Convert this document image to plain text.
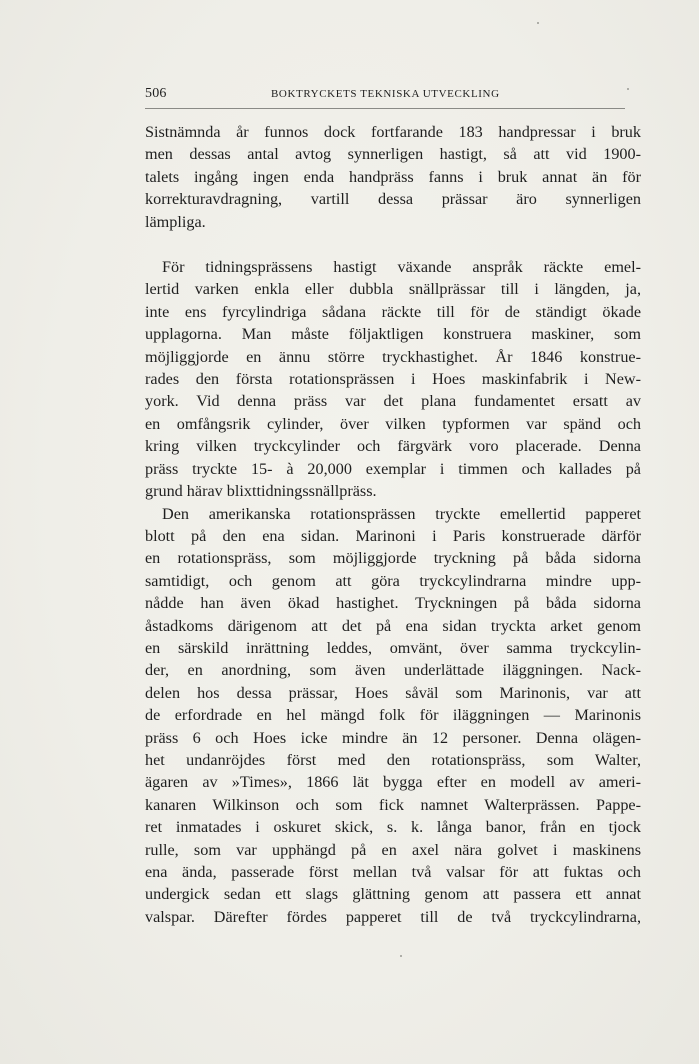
506	BOKTRYCKETS TEKNISKA UTVECKLING

Sistnämnda år funnos dock fortfarande 183 handpressar i bruk

men dessas antal avtog synnerligen hastigt, så att vid 1900-

talets ingång ingen enda handpräss fanns i bruk annat än för

korrekturavdragning, vartill dessa prässar äro synnerligen

lämpliga.

För tidningsprässens hastigt växande anspråk räckte emel-

lertid varken enkla eller dubbla snällprässar till i längden, ja,

inte ens fyrcylindriga sådana räckte till för de ständigt ökade

upplagorna. Man måste följaktligen konstruera maskiner, som

möjliggjorde en ännu större tryckhastighet. År 1846 konstrue-

rades den första rotationsprässen i Hoes maskinfabrik i New-

york. Vid denna präss var det plana fundamentet ersatt av

en omfångsrik cylinder, över vilken typformen var spänd och

kring vilken tryckcylinder och färgvärk voro placerade. Denna

präss tryckte 15- à 20,000 exemplar i timmen och kallades på

grund härav blixttidningssnällpräss.

Den amerikanska rotationsprässen tryckte emellertid papperet

blott på den ena sidan. Marinoni i Paris konstruerade därför

en rotationspräss, som möjliggjorde tryckning på båda sidorna

samtidigt, och genom att göra tryckcylindrarna mindre upp-

nådde han även ökad hastighet. Tryckningen på båda sidorna

åstadkoms därigenom att det på ena sidan tryckta arket genom

en särskild inrättning leddes, omvänt, över samma tryckcylin-

der, en anordning, som även underlättade iläggningen. Nack-

delen hos dessa prässar, Hoes såväl som Marinonis, var att

de erfordrade en hel mängd folk för iläggningen — Marinonis

präss 6 och Hoes icke mindre än 12 personer. Denna olägen-

het undanröjdes först med den rotationspräss, som Walter,

ägaren av »Times», 1866 lät bygga efter en modell av ameri-

kanaren Wilkinson och som fick namnet Walterprässen. Pappe-

ret inmatades i oskuret skick, s. k. långa banor, från en tjock

rulle, som var upphängd på en axel nära golvet i maskinens

ena ända, passerade först mellan två valsar för att fuktas och

undergick sedan ett slags glättning genom att passera ett annat

valspar. Därefter fördes papperet till de två tryckcylindrarna,
